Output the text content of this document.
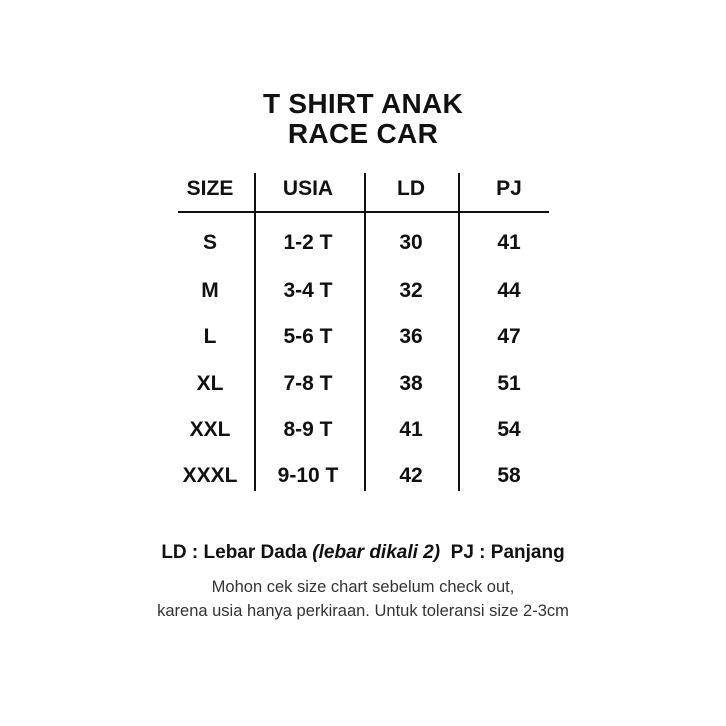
T SHIRT ANAK
RACE CAR
SIZE	USIA	LD	PJ
S	1-2 T	30	41
M	3-4 T	32	44
L	5-6 T	36	47
XL	7-8 T	38	51
XXL	8-9 T	41	54
XXXL	9-10 T	42	58
LD : Lebar Dada (lebar dikali 2) PJ : Panjang
Mohon cek size chart sebelum check out,
karena usia hanya perkiraan. Untuk toleransi size 2-3cm
